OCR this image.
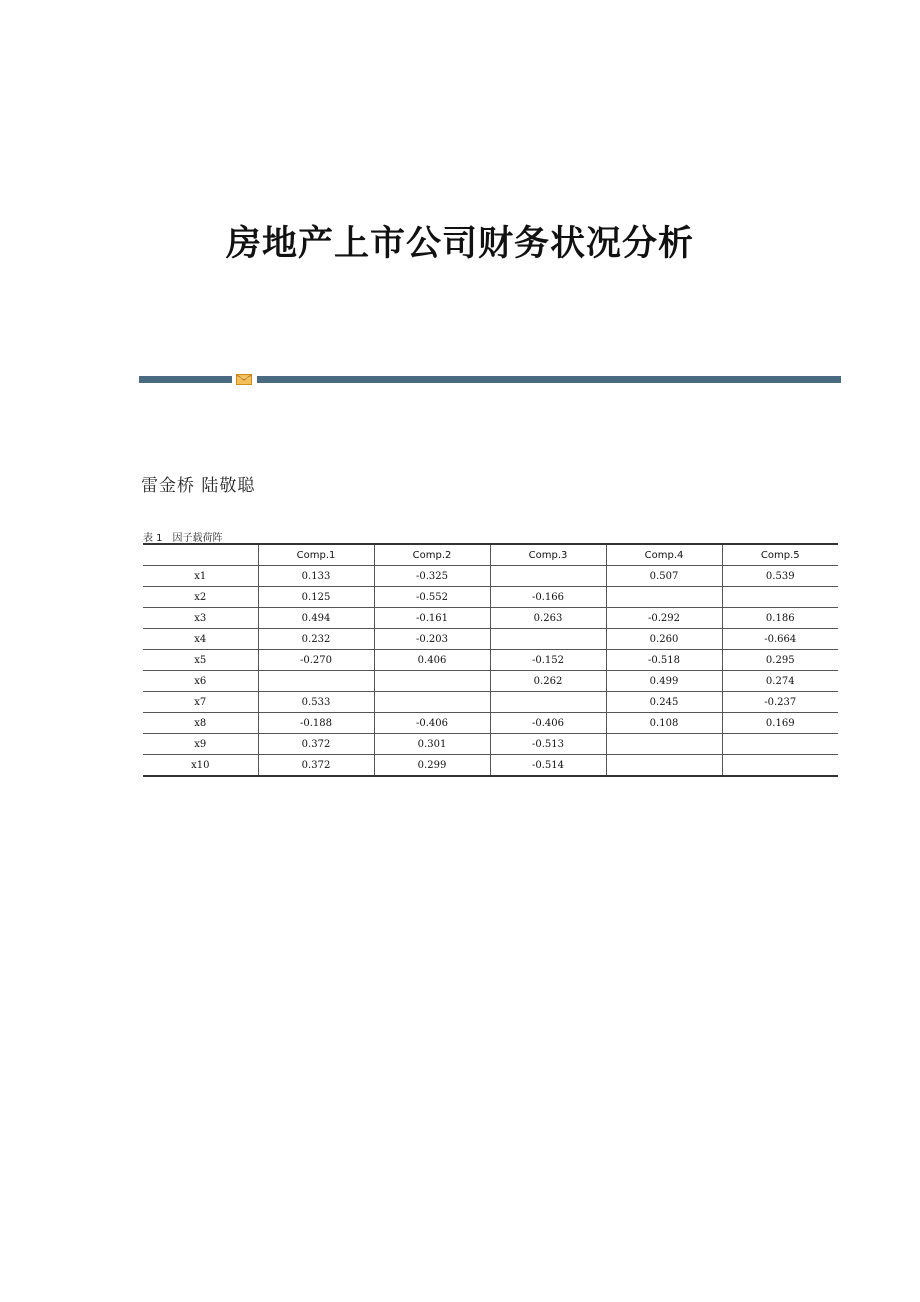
房地产上市公司财务状况分析
雷金桥 陆敬聪
表 1 因子载荷阵
	Comp.1	Comp.2	Comp.3	Comp.4	Comp.5
x1	0.133	-0.325		0.507	0.539
x2	0.125	-0.552	-0.166		
x3	0.494	-0.161	0.263	-0.292	0.186
x4	0.232	-0.203		0.260	-0.664
x5	-0.270	0.406	-0.152	-0.518	0.295
x6			0.262	0.499	0.274
x7	0.533			0.245	-0.237
x8	-0.188	-0.406	-0.406	0.108	0.169
x9	0.372	0.301	-0.513		
x10	0.372	0.299	-0.514		
